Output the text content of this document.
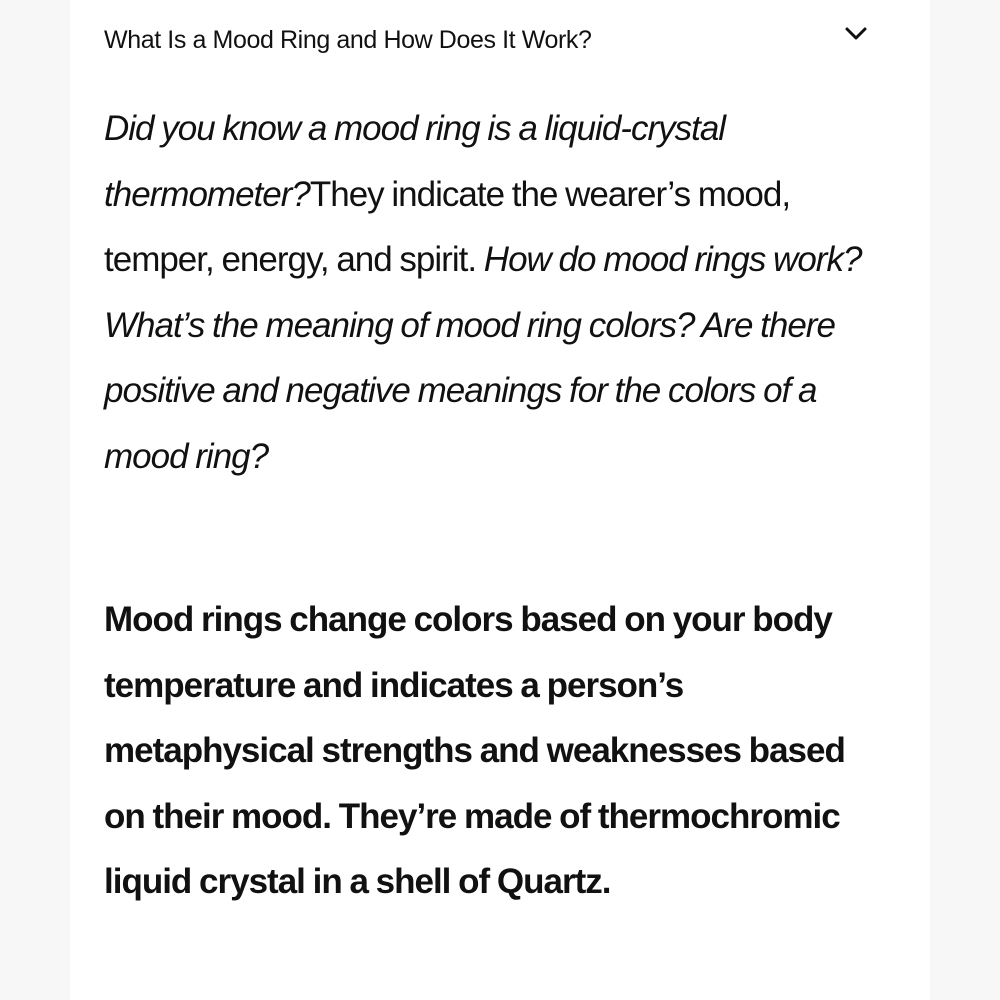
What Is a Mood Ring and How Does It Work?

Did you know a mood ring is a liquid-crystal thermometer?They indicate the wearer’s mood, temper, energy, and spirit. How do mood rings work? What’s the meaning of mood ring colors? Are there positive and negative meanings for the colors of a mood ring?

Mood rings change colors based on your body temperature and indicates a person’s metaphysical strengths and weaknesses based on their mood. They’re made of thermochromic liquid crystal in a shell of Quartz.
